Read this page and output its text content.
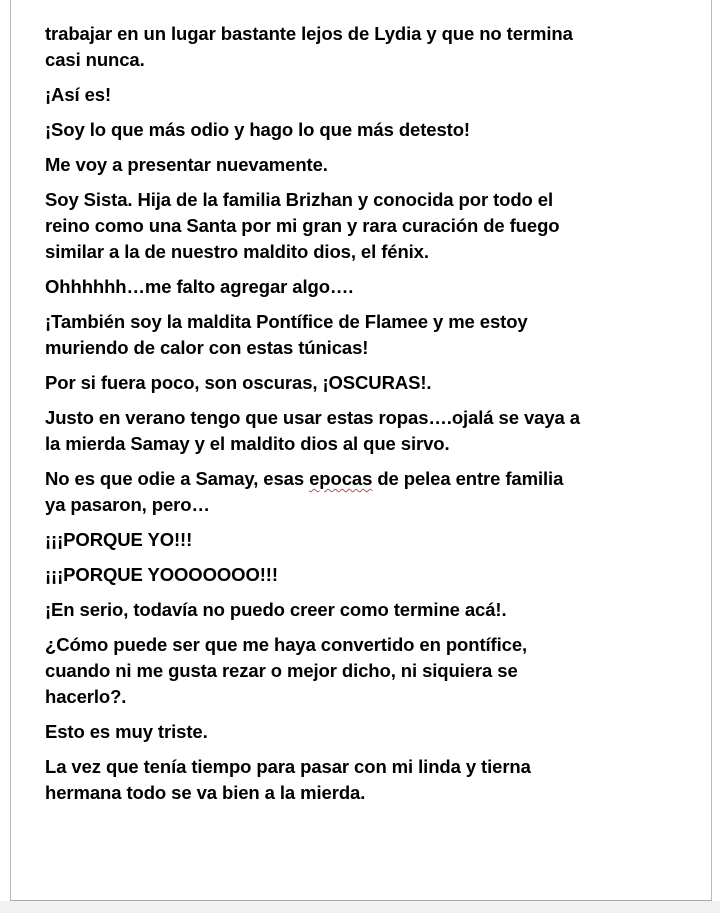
trabajar en un lugar bastante lejos de Lydia y que no termina
casi nunca.

¡Así es!

¡Soy lo que más odio y hago lo que más detesto!

Me voy a presentar nuevamente.

Soy Sista. Hija de la familia Brizhan y conocida por todo el
reino como una Santa por mi gran y rara curación de fuego
similar a la de nuestro maldito dios, el fénix.

Ohhhhhh…me falto agregar algo….

¡También soy la maldita Pontífice de Flamee y me estoy
muriendo de calor con estas túnicas!

Por si fuera poco, son oscuras, ¡OSCURAS!.

Justo en verano tengo que usar estas ropas….ojalá se vaya a
la mierda Samay y el maldito dios al que sirvo.

No es que odie a Samay, esas epocas de pelea entre familia
ya pasaron, pero…

¡¡¡PORQUE YO!!!

¡¡¡PORQUE YOOOOOOO!!!

¡En serio, todavía no puedo creer como termine acá!.

¿Cómo puede ser que me haya convertido en pontífice,
cuando ni me gusta rezar o mejor dicho, ni siquiera se
hacerlo?.

Esto es muy triste.

La vez que tenía tiempo para pasar con mi linda y tierna
hermana todo se va bien a la mierda.
